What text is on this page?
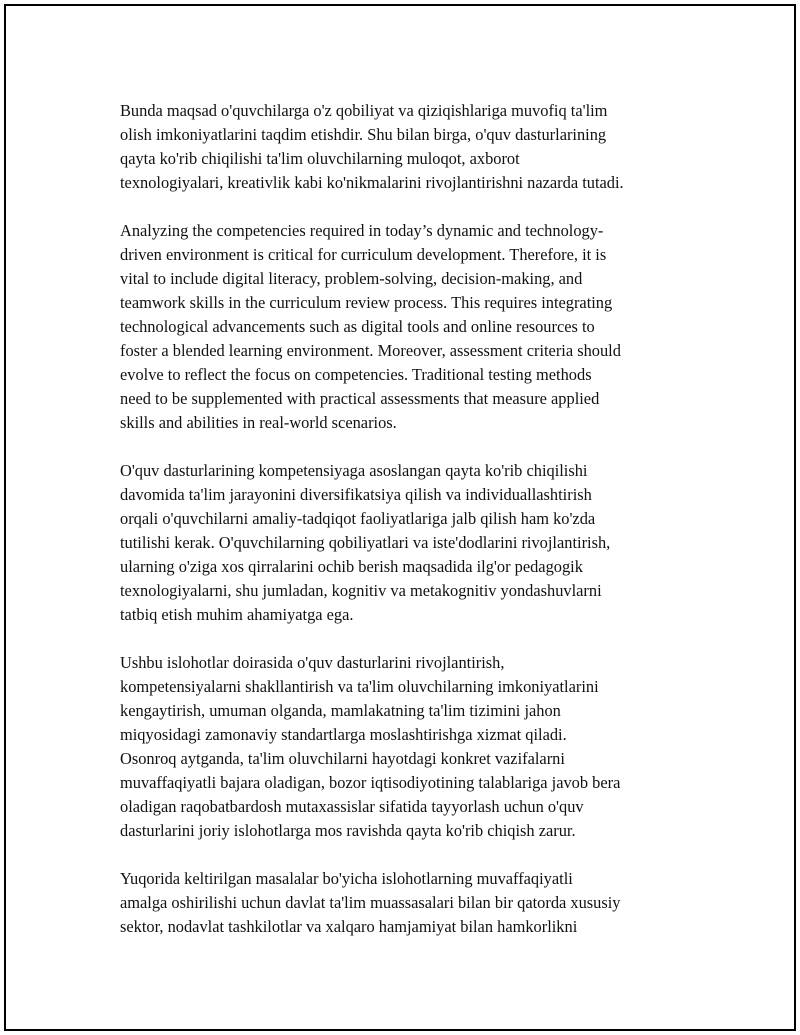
Bunda maqsad o'quvchilarga o'z qobiliyat va qiziqishlariga muvofiq ta'lim
olish imkoniyatlarini taqdim etishdir. Shu bilan birga, o'quv dasturlarining
qayta ko'rib chiqilishi ta'lim oluvchilarning muloqot, axborot
texnologiyalari, kreativlik kabi ko'nikmalarini rivojlantirishni nazarda tutadi.

Analyzing the competencies required in today’s dynamic and technology-
driven environment is critical for curriculum development. Therefore, it is
vital to include digital literacy, problem-solving, decision-making, and
teamwork skills in the curriculum review process. This requires integrating
technological advancements such as digital tools and online resources to
foster a blended learning environment. Moreover, assessment criteria should
evolve to reflect the focus on competencies. Traditional testing methods
need to be supplemented with practical assessments that measure applied
skills and abilities in real-world scenarios.

O'quv dasturlarining kompetensiyaga asoslangan qayta ko'rib chiqilishi
davomida ta'lim jarayonini diversifikatsiya qilish va individuallashtirish
orqali o'quvchilarni amaliy-tadqiqot faoliyatlariga jalb qilish ham ko'zda
tutilishi kerak. O'quvchilarning qobiliyatlari va iste'dodlarini rivojlantirish,
ularning o'ziga xos qirralarini ochib berish maqsadida ilg'or pedagogik
texnologiyalarni, shu jumladan, kognitiv va metakognitiv yondashuvlarni
tatbiq etish muhim ahamiyatga ega.

Ushbu islohotlar doirasida o'quv dasturlarini rivojlantirish,
kompetensiyalarni shakllantirish va ta'lim oluvchilarning imkoniyatlarini
kengaytirish, umuman olganda, mamlakatning ta'lim tizimini jahon
miqyosidagi zamonaviy standartlarga moslashtirishga xizmat qiladi.
Osonroq aytganda, ta'lim oluvchilarni hayotdagi konkret vazifalarni
muvaffaqiyatli bajara oladigan, bozor iqtisodiyotining talablariga javob bera
oladigan raqobatbardosh mutaxassislar sifatida tayyorlash uchun o'quv
dasturlarini joriy islohotlarga mos ravishda qayta ko'rib chiqish zarur.

Yuqorida keltirilgan masalalar bo'yicha islohotlarning muvaffaqiyatli
amalga oshirilishi uchun davlat ta'lim muassasalari bilan bir qatorda xususiy
sektor, nodavlat tashkilotlar va xalqaro hamjamiyat bilan hamkorlikni
